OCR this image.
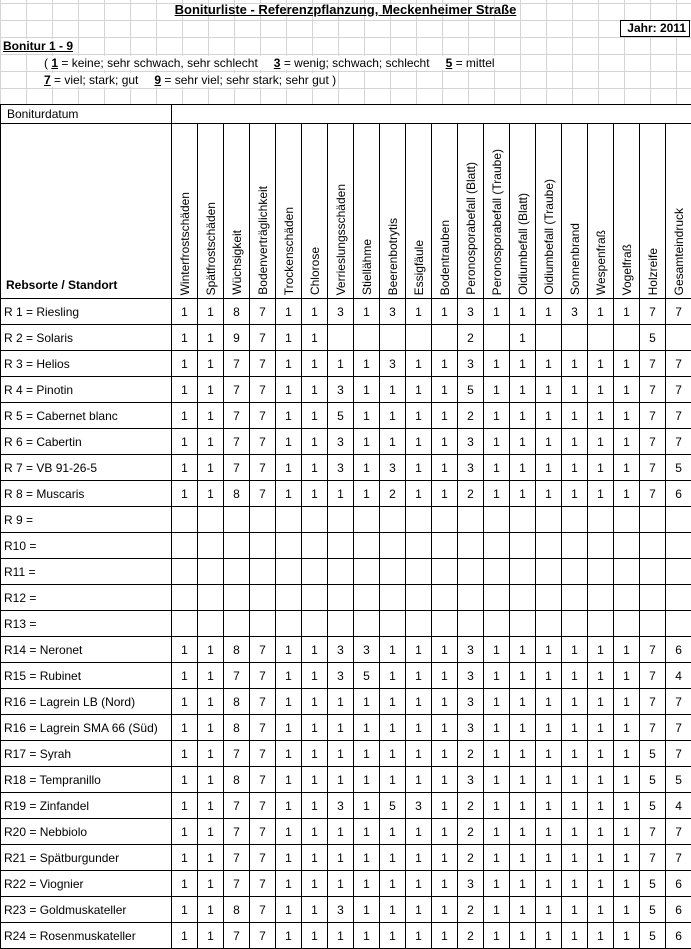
Boniturliste - Referenzpflanzung, Meckenheimer Straße
Jahr: 2011
Bonitur 1 - 9
( 1 = keine; sehr schwach, sehr schlecht 3 = wenig; schwach; schlecht 5 = mittel
7 = viel; stark; gut 9 = sehr viel; sehr stark; sehr gut )
Boniturdatum																				
Rebsorte / Standort	Winterfrostschäden	Spätfrostschäden	Wüchsigkeit	Bodenverträglichkeit	Trockenschäden	Chlorose	Verrieslungsschäden	Stiellähme	Beerenbotrytis	Essigfäule	Bodentrauben	Peronosporabefall (Blatt)	Peronosporabefall (Traube)	Oidiumbefall (Blatt)	Oidiumbefall (Traube)	Sonnenbrand	Wespenfraß	Vogelfraß	Holzreife	Gesamteindruck
R 1 = Riesling	1	1	8	7	1	1	3	1	3	1	1	3	1	1	1	3	1	1	7	7
R 2 = Solaris	1	1	9	7	1	1						2		1					5	
R 3 = Helios	1	1	7	7	1	1	1	1	3	1	1	3	1	1	1	1	1	1	7	7
R 4 = Pinotin	1	1	7	7	1	1	3	1	1	1	1	5	1	1	1	1	1	1	7	7
R 5 = Cabernet blanc	1	1	7	7	1	1	5	1	1	1	1	2	1	1	1	1	1	1	7	7
R 6 = Cabertin	1	1	7	7	1	1	3	1	1	1	1	3	1	1	1	1	1	1	7	7
R 7 = VB 91-26-5	1	1	7	7	1	1	3	1	3	1	1	3	1	1	1	1	1	1	7	5
R 8 = Muscaris	1	1	8	7	1	1	1	1	2	1	1	2	1	1	1	1	1	1	7	6
R 9 =																				
R10 =																				
R11 =																				
R12 =																				
R13 =																				
R14 = Neronet	1	1	8	7	1	1	3	3	1	1	1	3	1	1	1	1	1	1	7	6
R15 = Rubinet	1	1	7	7	1	1	3	5	1	1	1	3	1	1	1	1	1	1	7	4
R16 = Lagrein LB (Nord)	1	1	8	7	1	1	1	1	1	1	1	3	1	1	1	1	1	1	7	7
R16 = Lagrein SMA 66 (Süd)	1	1	8	7	1	1	1	1	1	1	1	3	1	1	1	1	1	1	7	7
R17 = Syrah	1	1	7	7	1	1	1	1	1	1	1	2	1	1	1	1	1	1	5	7
R18 = Tempranillo	1	1	8	7	1	1	1	1	1	1	1	3	1	1	1	1	1	1	5	5
R19 = Zinfandel	1	1	7	7	1	1	3	1	5	3	1	2	1	1	1	1	1	1	5	4
R20 = Nebbiolo	1	1	7	7	1	1	1	1	1	1	1	2	1	1	1	1	1	1	7	7
R21 = Spätburgunder	1	1	7	7	1	1	1	1	1	1	1	2	1	1	1	1	1	1	7	7
R22 = Viognier	1	1	7	7	1	1	1	1	1	1	1	3	1	1	1	1	1	1	5	6
R23 = Goldmuskateller	1	1	8	7	1	1	3	1	1	1	1	2	1	1	1	1	1	1	5	6
R24 = Rosenmuskateller	1	1	7	7	1	1	1	1	1	1	1	2	1	1	1	1	1	1	5	6
